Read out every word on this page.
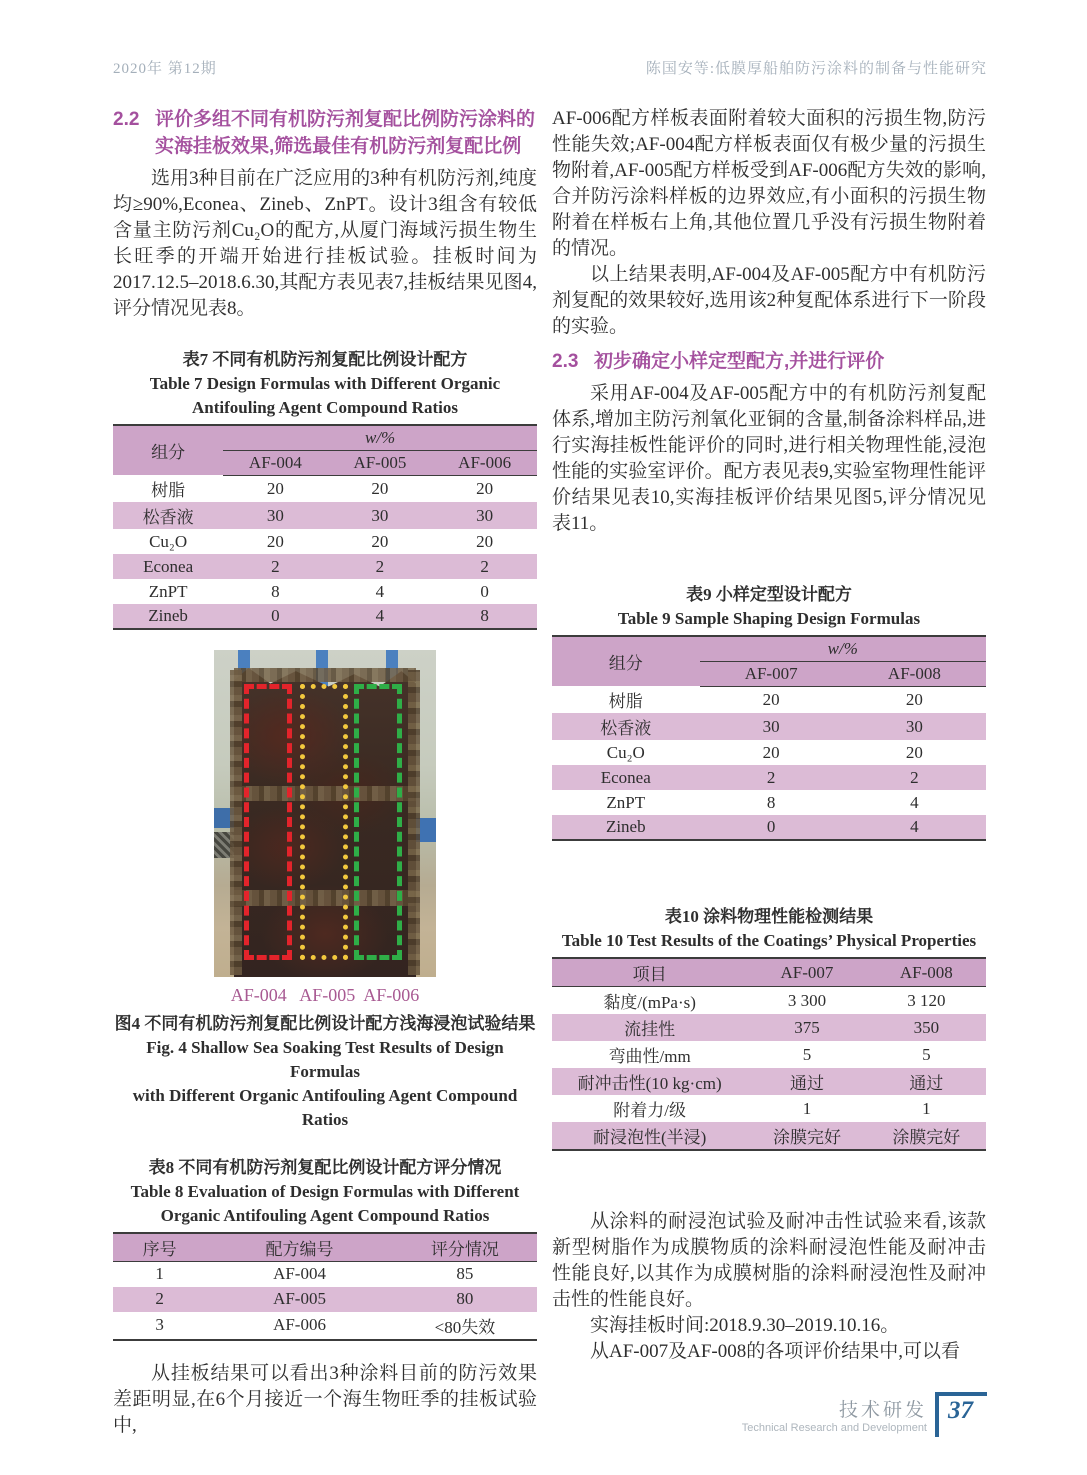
2020年 第12期	陈国安等:低膜厚船舶防污涂料的制备与性能研究
2.2 评价多组不同有机防污剂复配比例防污涂料的
实海挂板效果,筛选最佳有机防污剂复配比例

选用3种目前在广泛应用的3种有机防污剂,纯度均≥90%,Econea、Zineb、ZnPT。设计3组含有较低含量主防污剂Cu₂O的配方,从厦门海域污损生物生长旺季的开端开始进行挂板试验。挂板时间为2017.12.5–2018.6.30,其配方表见表7,挂板结果见图4,评分情况见表8。

表7 不同有机防污剂复配比例设计配方
Table 7 Design Formulas with Different Organic
Antifouling Agent Compound Ratios
组分	w/%		
	AF-004	AF-005	AF-006
树脂	20	20	20
松香液	30	30	30
Cu₂O	20	20	20
Econea	2	2	2
ZnPT	8	4	0
Zineb	0	4	8
AF-004   AF-005  AF-006
图4 不同有机防污剂复配比例设计配方浅海浸泡试验结果
Fig. 4 Shallow Sea Soaking Test Results of Design Formulas
with Different Organic Antifouling Agent Compound Ratios
表8 不同有机防污剂复配比例设计配方评分情况
Table 8 Evaluation of Design Formulas with Different
Organic Antifouling Agent Compound Ratios
序号	配方编号	评分情况
1	AF-004	85
2	AF-005	80
3	AF-006	<80失效

从挂板结果可以看出3种涂料目前的防污效果差距明显,在6个月接近一个海生物旺季的挂板试验中,

AF-006配方样板表面附着较大面积的污损生物,防污性能失效;AF-004配方样板表面仅有极少量的污损生物附着,AF-005配方样板受到AF-006配方失效的影响,合并防污涂料样板的边界效应,有小面积的污损生物附着在样板右上角,其他位置几乎没有污损生物附着的情况。

以上结果表明,AF-004及AF-005配方中有机防污剂复配的效果较好,选用该2种复配体系进行下一阶段的实验。

2.3 初步确定小样定型配方,并进行评价

采用AF-004及AF-005配方中的有机防污剂复配体系,增加主防污剂氧化亚铜的含量,制备涂料样品,进行实海挂板性能评价的同时,进行相关物理性能,浸泡性能的实验室评价。配方表见表9,实验室物理性能评价结果见表10,实海挂板评价结果见图5,评分情况见表11。

表9 小样定型设计配方
Table 9 Sample Shaping Design Formulas
组分	w/%	
	AF-007	AF-008
树脂	20	20
松香液	30	30
Cu₂O	20	20
Econea	2	2
ZnPT	8	4
Zineb	0	4
表10 涂料物理性能检测结果
Table 10 Test Results of the Coatings’ Physical Properties
项目	AF-007	AF-008
黏度/(mPa·s)	3 300	3 120
流挂性	375	350
弯曲性/mm	5	5
耐冲击性(10 kg·cm)	通过	通过
附着力/级	1	1
耐浸泡性(半浸)	涂膜完好	涂膜完好

从涂料的耐浸泡试验及耐冲击性试验来看,该款新型树脂作为成膜物质的涂料耐浸泡性能及耐冲击性能良好,以其作为成膜树脂的涂料耐浸泡性及耐冲击性的性能良好。

实海挂板时间:2018.9.30–2019.10.16。

从AF-007及AF-008的各项评价结果中,可以看

技术研发
Technical Research and Development
37
